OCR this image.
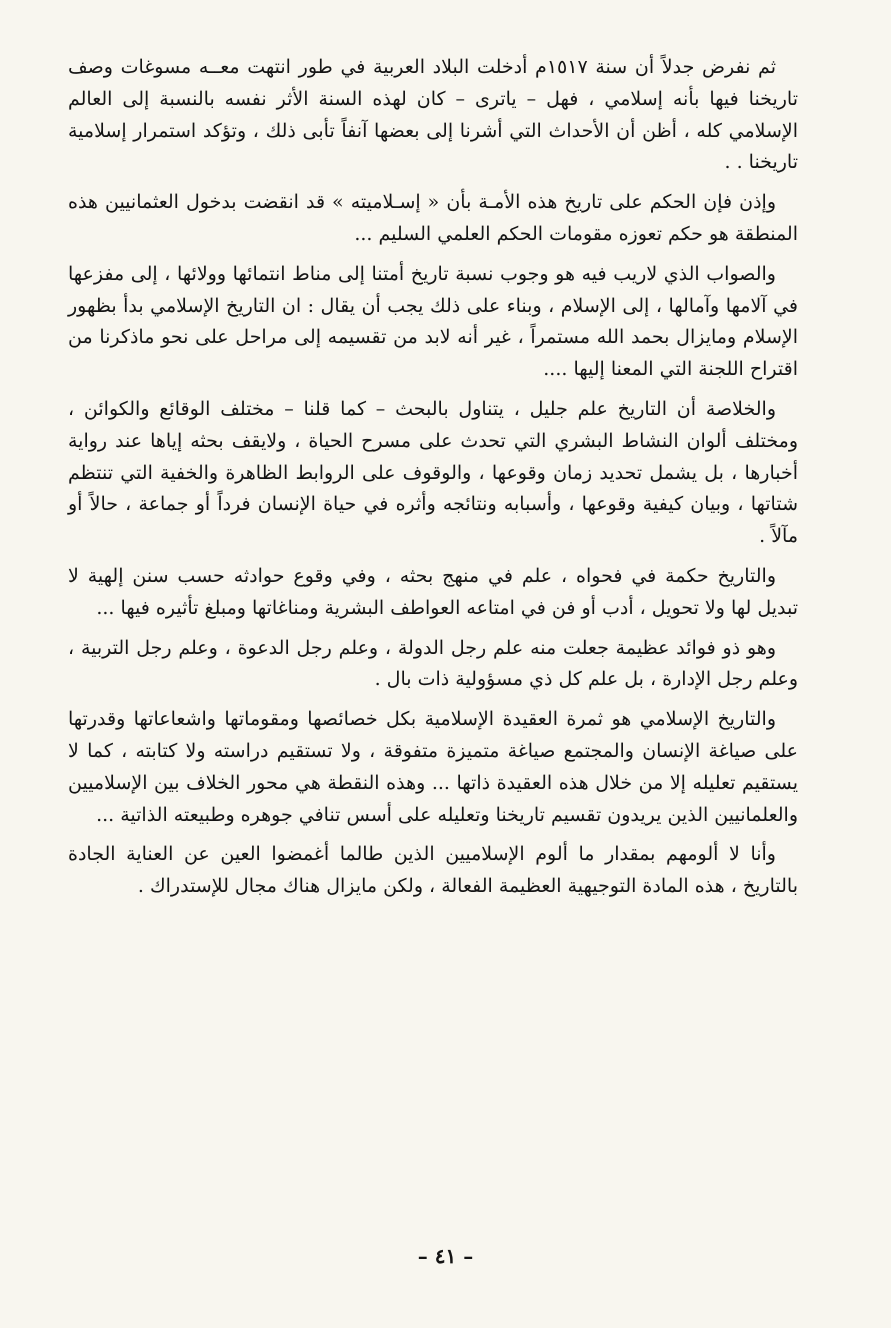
ثم نفرض جدلاً أن سنة ١٥١٧م أدخلت البلاد العربية في طور انتهت معــه مسوغات وصف تاريخنا فيها بأنه إسلامي ، فهل – ياترى – كان لهذه السنة الأثر نفسه بالنسبة إلى العالم الإسلامي كله ، أظن أن الأحداث التي أشرنا إلى بعضها آنفاً تأبى ذلك ، وتؤكد استمرار إسلامية تاريخنا . .

وإذن فإن الحكم على تاريخ هذه الأمـة بأن « إسـلاميته » قد انقضت بدخول العثمانيين هذه المنطقة هو حكم تعوزه مقومات الحكم العلمي السليم ...

والصواب الذي لاريب فيه هو وجوب نسبة تاريخ أمتنا إلى مناط انتمائها وولائها ، إلى مفزعها في آلامها وآمالها ، إلى الإسلام ، وبناء على ذلك يجب أن يقال : ان التاريخ الإسلامي بدأ بظهور الإسلام ومايزال بحمد الله مستمراً ، غير أنه لابد من تقسيمه إلى مراحل على نحو ماذكرنا من اقتراح اللجنة التي المعنا إليها ....

والخلاصة أن التاريخ علم جليل ، يتناول بالبحث – كما قلنا – مختلف الوقائع والكوائن ، ومختلف ألوان النشاط البشري التي تحدث على مسرح الحياة ، ولايقف بحثه إياها عند رواية أخبارها ، بل يشمل تحديد زمان وقوعها ، والوقوف على الروابط الظاهرة والخفية التي تنتظم شتاتها ، وبيان كيفية وقوعها ، وأسبابه ونتائجه وأثره في حياة الإنسان فرداً أو جماعة ، حالاً أو مآلاً .

والتاريخ حكمة في فحواه ، علم في منهج بحثه ، وفي وقوع حوادثه حسب سنن إلهية لا تبديل لها ولا تحويل ، أدب أو فن في امتاعه العواطف البشرية ومناغاتها ومبلغ تأثيره فيها ...

وهو ذو فوائد عظيمة جعلت منه علم رجل الدولة ، وعلم رجل الدعوة ، وعلم رجل التربية ، وعلم رجل الإدارة ، بل علم كل ذي مسؤولية ذات بال .

والتاريخ الإسلامي هو ثمرة العقيدة الإسلامية بكل خصائصها ومقوماتها واشعاعاتها وقدرتها على صياغة الإنسان والمجتمع صياغة متميزة متفوقة ، ولا تستقيم دراسته ولا كتابته ، كما لا يستقيم تعليله إلا من خلال هذه العقيدة ذاتها ... وهذه النقطة هي محور الخلاف بين الإسلاميين والعلمانيين الذين يريدون تقسيم تاريخنا وتعليله على أسس تنافي جوهره وطبيعته الذاتية ...

وأنا لا ألومهم بمقدار ما ألوم الإسلاميين الذين طالما أغمضوا العين عن العناية الجادة بالتاريخ ، هذه المادة التوجيهية العظيمة الفعالة ، ولكن مايزال هناك مجال للإستدراك .

– ٤١ –
